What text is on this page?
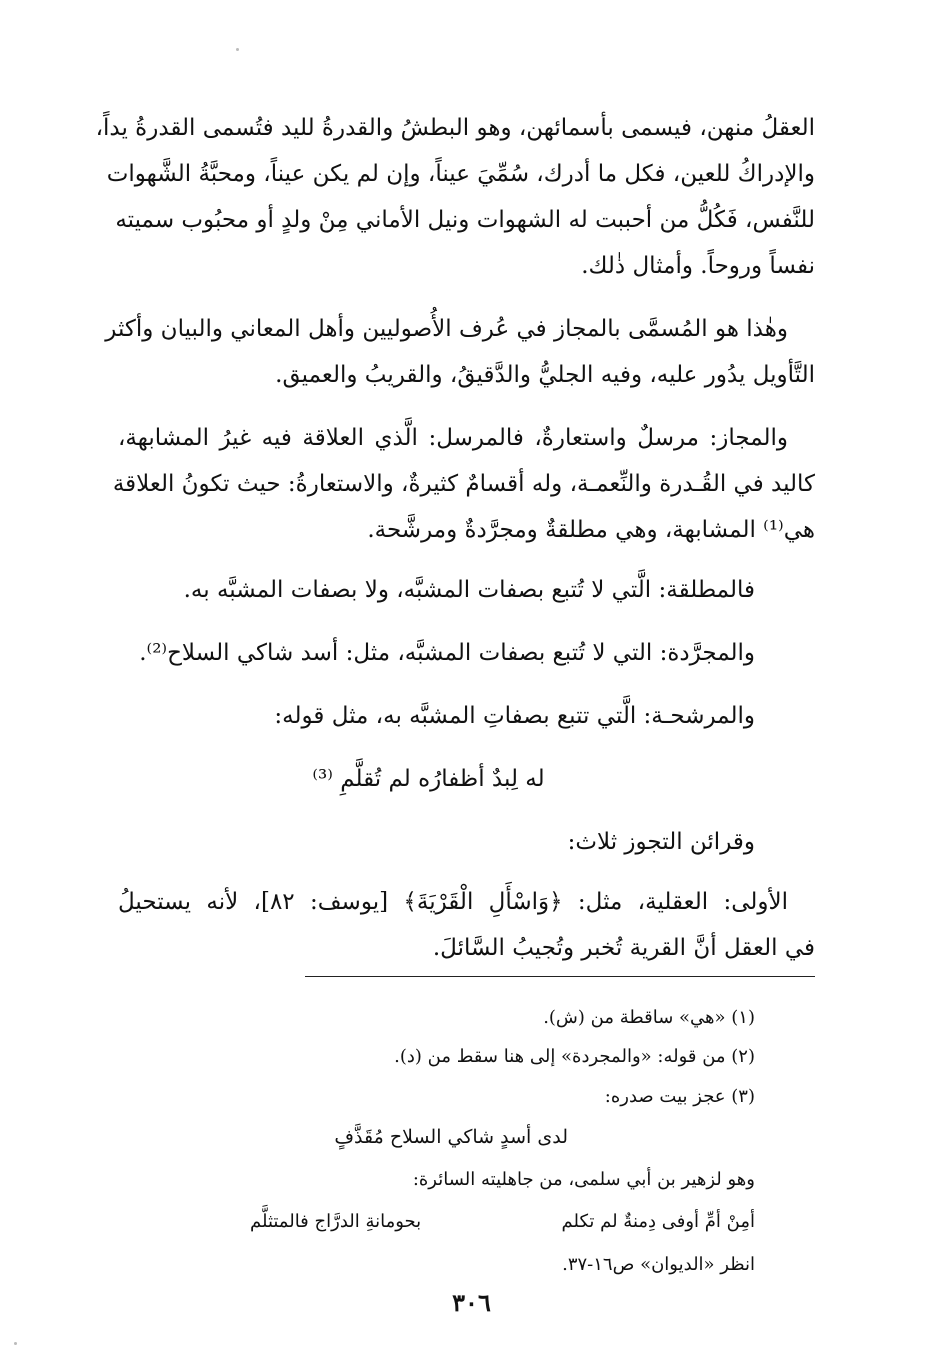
العقلُ منهن، فيسمى بأسمائهن، وهو البطشُ والقدرةُ لليد فتُسمى القدرةُ يداً،

والإدراكُ للعين، فكل ما أدرك، سُمِّيَ عيناً، وإن لم يكن عيناً، ومحبَّةُ الشَّهوات

للنَّفس، فَكُلُّ من أحببت له الشهوات ونيل الأماني مِنْ ولدٍ أو محبُوب سميته

نفساً وروحاً. وأمثال ذٰلك.

وهٰذا هو المُسمَّى بالمجاز في عُرف الأُصوليين وأهل المعاني والبيان وأكثر

التَّأويل يدُور عليه، وفيه الجليُّ والدَّقيقُ، والقريبُ والعميق.

والمجاز: مرسلٌ واستعارةٌ، فالمرسل: الَّذي العلاقة فيه غيرُ المشابهة،

كاليد في القُـدرة والنِّعمـة، وله أقسامٌ كثيرةٌ، والاستعارةُ: حيث تكونُ العلاقة

هي⁽¹⁾ المشابهة، وهي مطلقةٌ ومجرَّدةٌ ومرشَّحة.

فالمطلقة: الَّتي لا تُتبع بصفات المشبَّه، ولا بصفات المشبَّه به.

والمجرَّدة: التي لا تُتبع بصفات المشبَّه، مثل: أسد شاكي السلاح⁽²⁾.

والمرشحـة: الَّتي تتبع بصفاتِ المشبَّه به، مثل قوله:

له لِبدٌ أظفارُه لم تُقلَّمِ ⁽³⁾

وقرائن التجوز ثلاث:

الأولى: العقلية، مثل: ﴿وَاسْأَلِ الْقَرْيَةَ﴾ [يوسف: ٨٢]، لأنه يستحيلُ

في العقل أنَّ القرية تُخبر وتُجيبُ السَّائلَ.

(١) «هي» ساقطة من (ش).

(٢) من قوله: «والمجردة» إلى هنا سقط من (د).

(٣) عجز بيت صدره:

لدى أسدٍ شاكي السلاح مُقَذَّفٍ

وهو لزهير بن أبي سلمى، من جاهليته السائرة:

أمِنْ أمِّ أوفى دِمنةٌ لم تكلم

بحومانةِ الدرَّاج فالمتثلَّم

انظر «الديوان» ص١٦-٣٧.

٣٠٦
